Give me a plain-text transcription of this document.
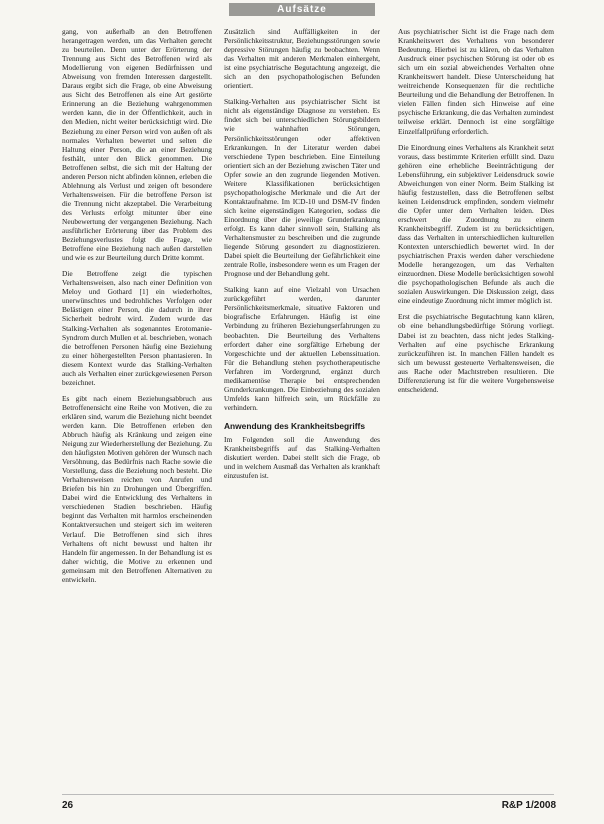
Aufsätze

gang, von außerhalb an den Betroffenen herangetragen werden, um das Verhalten gerecht zu beurteilen. Denn unter der Erörterung der Trennung aus Sicht des Betroffenen wird als Modellierung von eigenen Bedürfnissen und Abweisung von fremden Interessen dargestellt. Daraus ergibt sich die Frage, ob eine Abweisung aus Sicht des Betroffenen als eine Art gestörte Erinnerung an die Beziehung wahrgenommen werden kann, die in der Öffentlichkeit, auch in den Medien, nicht weiter berücksichtigt wird. Die Beziehung zu einer Person wird von außen oft als normales Verhalten bewertet und selten die Haltung einer Person, die an einer Beziehung festhält, unter den Blick genommen. Die Betroffenen selbst, die sich mit der Haltung der anderen Person nicht abfinden können, erleben die Ablehnung als Verlust und zeigen oft besondere Verhaltensweisen. Für die betroffene Person ist die Trennung nicht akzeptabel. Die Verarbeitung des Verlusts erfolgt mitunter über eine Neubewertung der vergangenen Beziehung. Nach ausführlicher Erörterung über das Problem des Beziehungsverlustes folgt die Frage, wie Betroffene eine Beziehung nach außen darstellen und wie es zur Beurteilung durch Dritte kommt.

Die Betroffene zeigt die typischen Verhaltensweisen, also nach einer Definition von Meloy und Gothard [1] ein wiederholtes, unerwünschtes und bedrohliches Verfolgen oder Belästigen einer Person, die dadurch in ihrer Sicherheit bedroht wird. Zudem wurde das Stalking-Verhalten als sogenanntes Erotomanie-Syndrom durch Mullen et al. beschrieben, wonach die betroffenen Personen häufig eine Beziehung zu einer höhergestellten Person phantasieren. In diesem Kontext wurde das Stalking-Verhalten auch als Verhalten einer zurückgewiesenen Person bezeichnet.

Es gibt nach einem Beziehungsabbruch aus Betroffenensicht eine Reihe von Motiven, die zu erklären sind, warum die Beziehung nicht beendet werden kann. Die Betroffenen erleben den Abbruch häufig als Kränkung und zeigen eine Neigung zur Wiederherstellung der Beziehung. Zu den häufigsten Motiven gehören der Wunsch nach Versöhnung, das Bedürfnis nach Rache sowie die Vorstellung, dass die Beziehung noch besteht. Die Verhaltensweisen reichen von Anrufen und Briefen bis hin zu Drohungen und Übergriffen. Dabei wird die Entwicklung des Verhaltens in verschiedenen Stadien beschrieben. Häufig beginnt das Verhalten mit harmlos erscheinenden Kontaktversuchen und steigert sich im weiteren Verlauf. Die Betroffenen sind sich ihres Verhaltens oft nicht bewusst und halten ihr Handeln für angemessen. In der Behandlung ist es daher wichtig, die Motive zu erkennen und gemeinsam mit den Betroffenen Alternativen zu entwickeln.

Zusätzlich sind Auffälligkeiten in der Persönlichkeitsstruktur, Beziehungsstörungen sowie depressive Störungen häufig zu beobachten. Wenn das Verhalten mit anderen Merkmalen einhergeht, ist eine psychiatrische Begutachtung angezeigt, die sich an den psychopathologischen Befunden orientiert.

Stalking-Verhalten aus psychiatrischer Sicht ist nicht als eigenständige Diagnose zu verstehen. Es findet sich bei unterschiedlichen Störungsbildern wie wahnhaften Störungen, Persönlichkeitsstörungen oder affektiven Erkrankungen. In der Literatur werden dabei verschiedene Typen beschrieben. Eine Einteilung orientiert sich an der Beziehung zwischen Täter und Opfer sowie an den zugrunde liegenden Motiven. Weitere Klassifikationen berücksichtigen psychopathologische Merkmale und die Art der Kontaktaufnahme. Im ICD-10 und DSM-IV finden sich keine eigenständigen Kategorien, sodass die Einordnung über die jeweilige Grunderkrankung erfolgt. Es kann daher sinnvoll sein, Stalking als Verhaltensmuster zu beschreiben und die zugrunde liegende Störung gesondert zu diagnostizieren. Dabei spielt die Beurteilung der Gefährlichkeit eine zentrale Rolle, insbesondere wenn es um Fragen der Prognose und der Behandlung geht.

Stalking kann auf eine Vielzahl von Ursachen zurückgeführt werden, darunter Persönlichkeitsmerkmale, situative Faktoren und biografische Erfahrungen. Häufig ist eine Verbindung zu früheren Beziehungserfahrungen zu beobachten. Die Beurteilung des Verhaltens erfordert daher eine sorgfältige Erhebung der Vorgeschichte und der aktuellen Lebenssituation. Für die Behandlung stehen psychotherapeutische Verfahren im Vordergrund, ergänzt durch medikamentöse Therapie bei entsprechenden Grunderkrankungen. Die Einbeziehung des sozialen Umfelds kann hilfreich sein, um Rückfälle zu verhindern.

Anwendung des Krankheitsbegriffs

Im Folgenden soll die Anwendung des Krankheitsbegriffs auf das Stalking-Verhalten diskutiert werden. Dabei stellt sich die Frage, ob und in welchem Ausmaß das Verhalten als krankhaft einzustufen ist.

Aus psychiatrischer Sicht ist die Frage nach dem Krankheitswert des Verhaltens von besonderer Bedeutung. Hierbei ist zu klären, ob das Verhalten Ausdruck einer psychischen Störung ist oder ob es sich um ein sozial abweichendes Verhalten ohne Krankheitswert handelt. Diese Unterscheidung hat weitreichende Konsequenzen für die rechtliche Beurteilung und die Behandlung der Betroffenen. In vielen Fällen finden sich Hinweise auf eine psychische Erkrankung, die das Verhalten zumindest teilweise erklärt. Dennoch ist eine sorgfältige Einzelfallprüfung erforderlich.

Die Einordnung eines Verhaltens als Krankheit setzt voraus, dass bestimmte Kriterien erfüllt sind. Dazu gehören eine erhebliche Beeinträchtigung der Lebensführung, ein subjektiver Leidensdruck sowie Abweichungen von einer Norm. Beim Stalking ist häufig festzustellen, dass die Betroffenen selbst keinen Leidensdruck empfinden, sondern vielmehr die Opfer unter dem Verhalten leiden. Dies erschwert die Zuordnung zu einem Krankheitsbegriff. Zudem ist zu berücksichtigen, dass das Verhalten in unterschiedlichen kulturellen Kontexten unterschiedlich bewertet wird. In der psychiatrischen Praxis werden daher verschiedene Modelle herangezogen, um das Verhalten einzuordnen. Diese Modelle berücksichtigen sowohl die psychopathologischen Befunde als auch die sozialen Auswirkungen. Die Diskussion zeigt, dass eine eindeutige Zuordnung nicht immer möglich ist.

Erst die psychiatrische Begutachtung kann klären, ob eine behandlungsbedürftige Störung vorliegt. Dabei ist zu beachten, dass nicht jedes Stalking-Verhalten auf eine psychische Erkrankung zurückzuführen ist. In manchen Fällen handelt es sich um bewusst gesteuerte Verhaltensweisen, die aus Rache oder Machtstreben resultieren. Die Differenzierung ist für die weitere Vorgehensweise entscheidend.

26	R&P 1/2008
